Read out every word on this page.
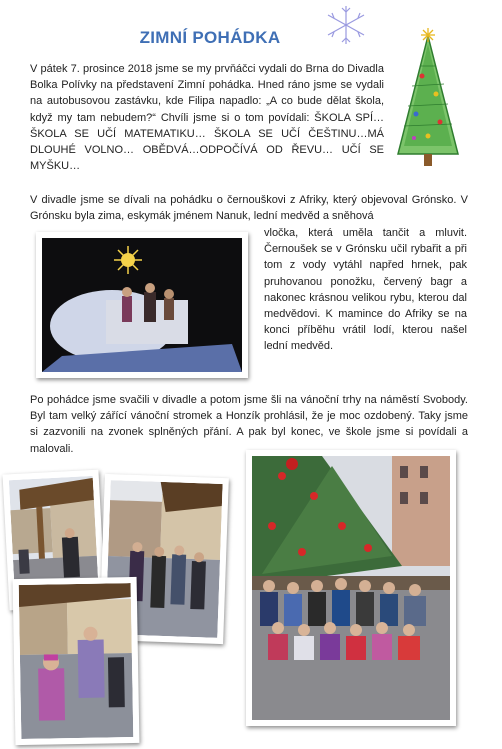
ZIMNÍ POHÁDKA

V pátek 7. prosince 2018 jsme se my prvňáčci vydali do Brna do Divadla Bolka Polívky na představení Zimní pohádka. Hned ráno jsme se vydali na autobusovou zastávku, kde Filipa napadlo: „A co bude dělat škola, když my tam nebudem?“ Chvíli jsme si o tom povídali: ŠKOLA SPÍ…ŠKOLA SE UČÍ MATEMATIKU… ŠKOLA SE UČÍ ČEŠTINU…MÁ DLOUHÉ VOLNO… OBĚDVÁ…ODPOČÍVÁ OD ŘEVU… UČÍ SE MYŠKU…

V divadle jsme se dívali na pohádku o černouškovi z Afriky, který objevoval Grónsko. V Grónsku byla zima, eskymák jménem Nanuk, lední medvěd a sněhová

vločka, která uměla tančit a mluvit. Černoušek se v Grónsku učil rybařit a při tom z vody vytáhl napřed hrnek, pak pruhovanou ponožku, červený bagr a nakonec krásnou velikou rybu, kterou dal medvědovi. K mamince do Afriky se na konci příběhu vrátil lodí, kterou našel lední medvěd.

Po pohádce jsme svačili v divadle a potom jsme šli na vánoční trhy na náměstí Svobody. Byl tam velký zářící vánoční stromek a Honzík prohlásil, že je moc ozdobený. Taky jsme si zazvonili na zvonek splněných přání. A pak byl konec, ve škole jsme si povídali a malovali.
